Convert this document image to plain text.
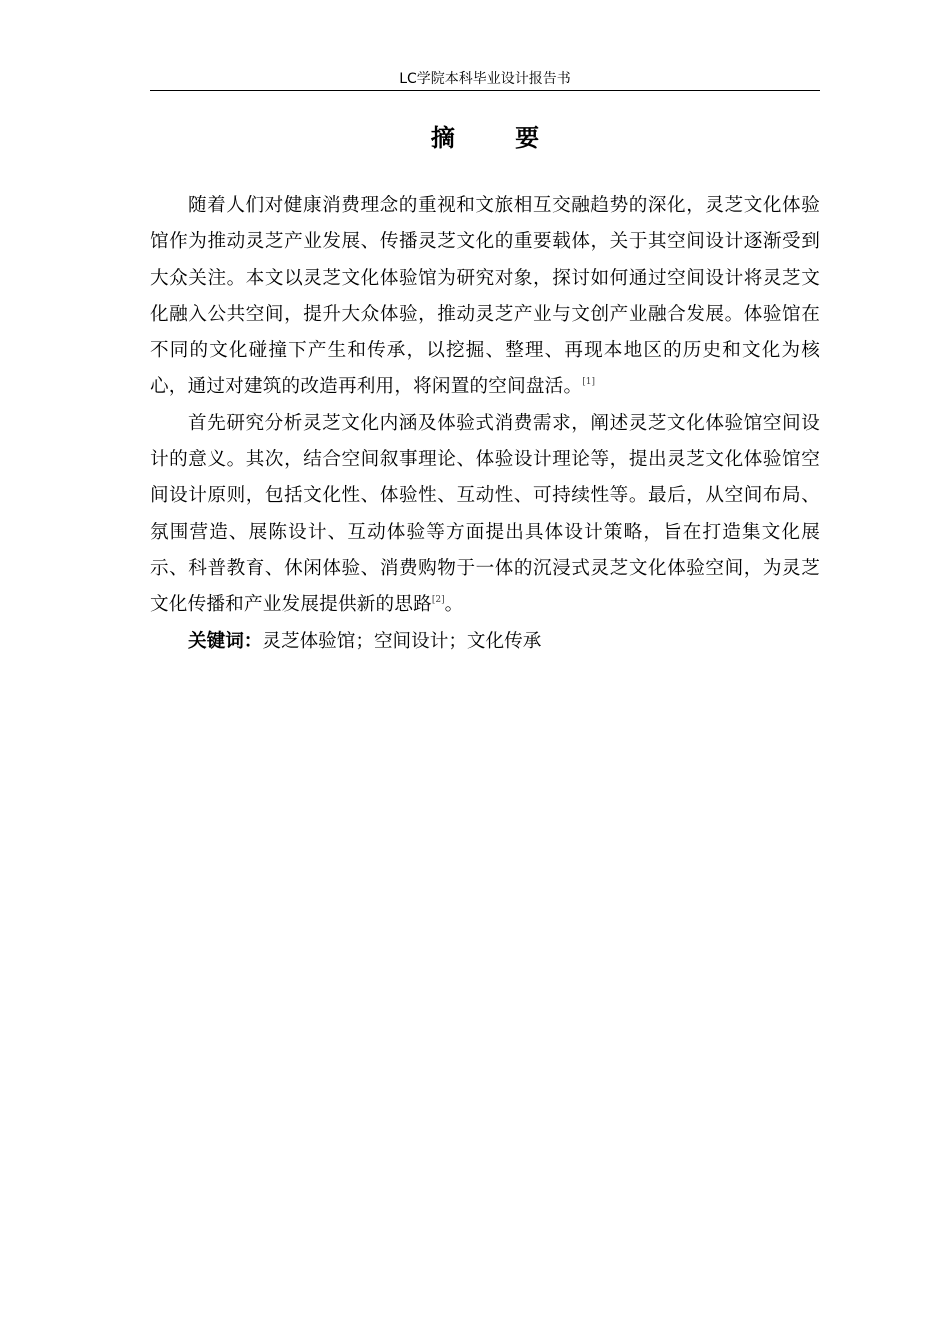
LC学院本科毕业设计报告书
摘 要

随着人们对健康消费理念的重视和文旅相互交融趋势的深化，灵芝文化体验馆作为推动灵芝产业发展、传播灵芝文化的重要载体，关于其空间设计逐渐受到大众关注。本文以灵芝文化体验馆为研究对象，探讨如何通过空间设计将灵芝文化融入公共空间，提升大众体验，推动灵芝产业与文创产业融合发展。体验馆在不同的文化碰撞下产生和传承，以挖掘、整理、再现本地区的历史和文化为核心，通过对建筑的改造再利用，将闲置的空间盘活。[1]

首先研究分析灵芝文化内涵及体验式消费需求，阐述灵芝文化体验馆空间设计的意义。其次，结合空间叙事理论、体验设计理论等，提出灵芝文化体验馆空间设计原则，包括文化性、体验性、互动性、可持续性等。最后，从空间布局、氛围营造、展陈设计、互动体验等方面提出具体设计策略，旨在打造集文化展示、科普教育、休闲体验、消费购物于一体的沉浸式灵芝文化体验空间，为灵芝文化传播和产业发展提供新的思路[2]。

关键词：灵芝体验馆；空间设计；文化传承
